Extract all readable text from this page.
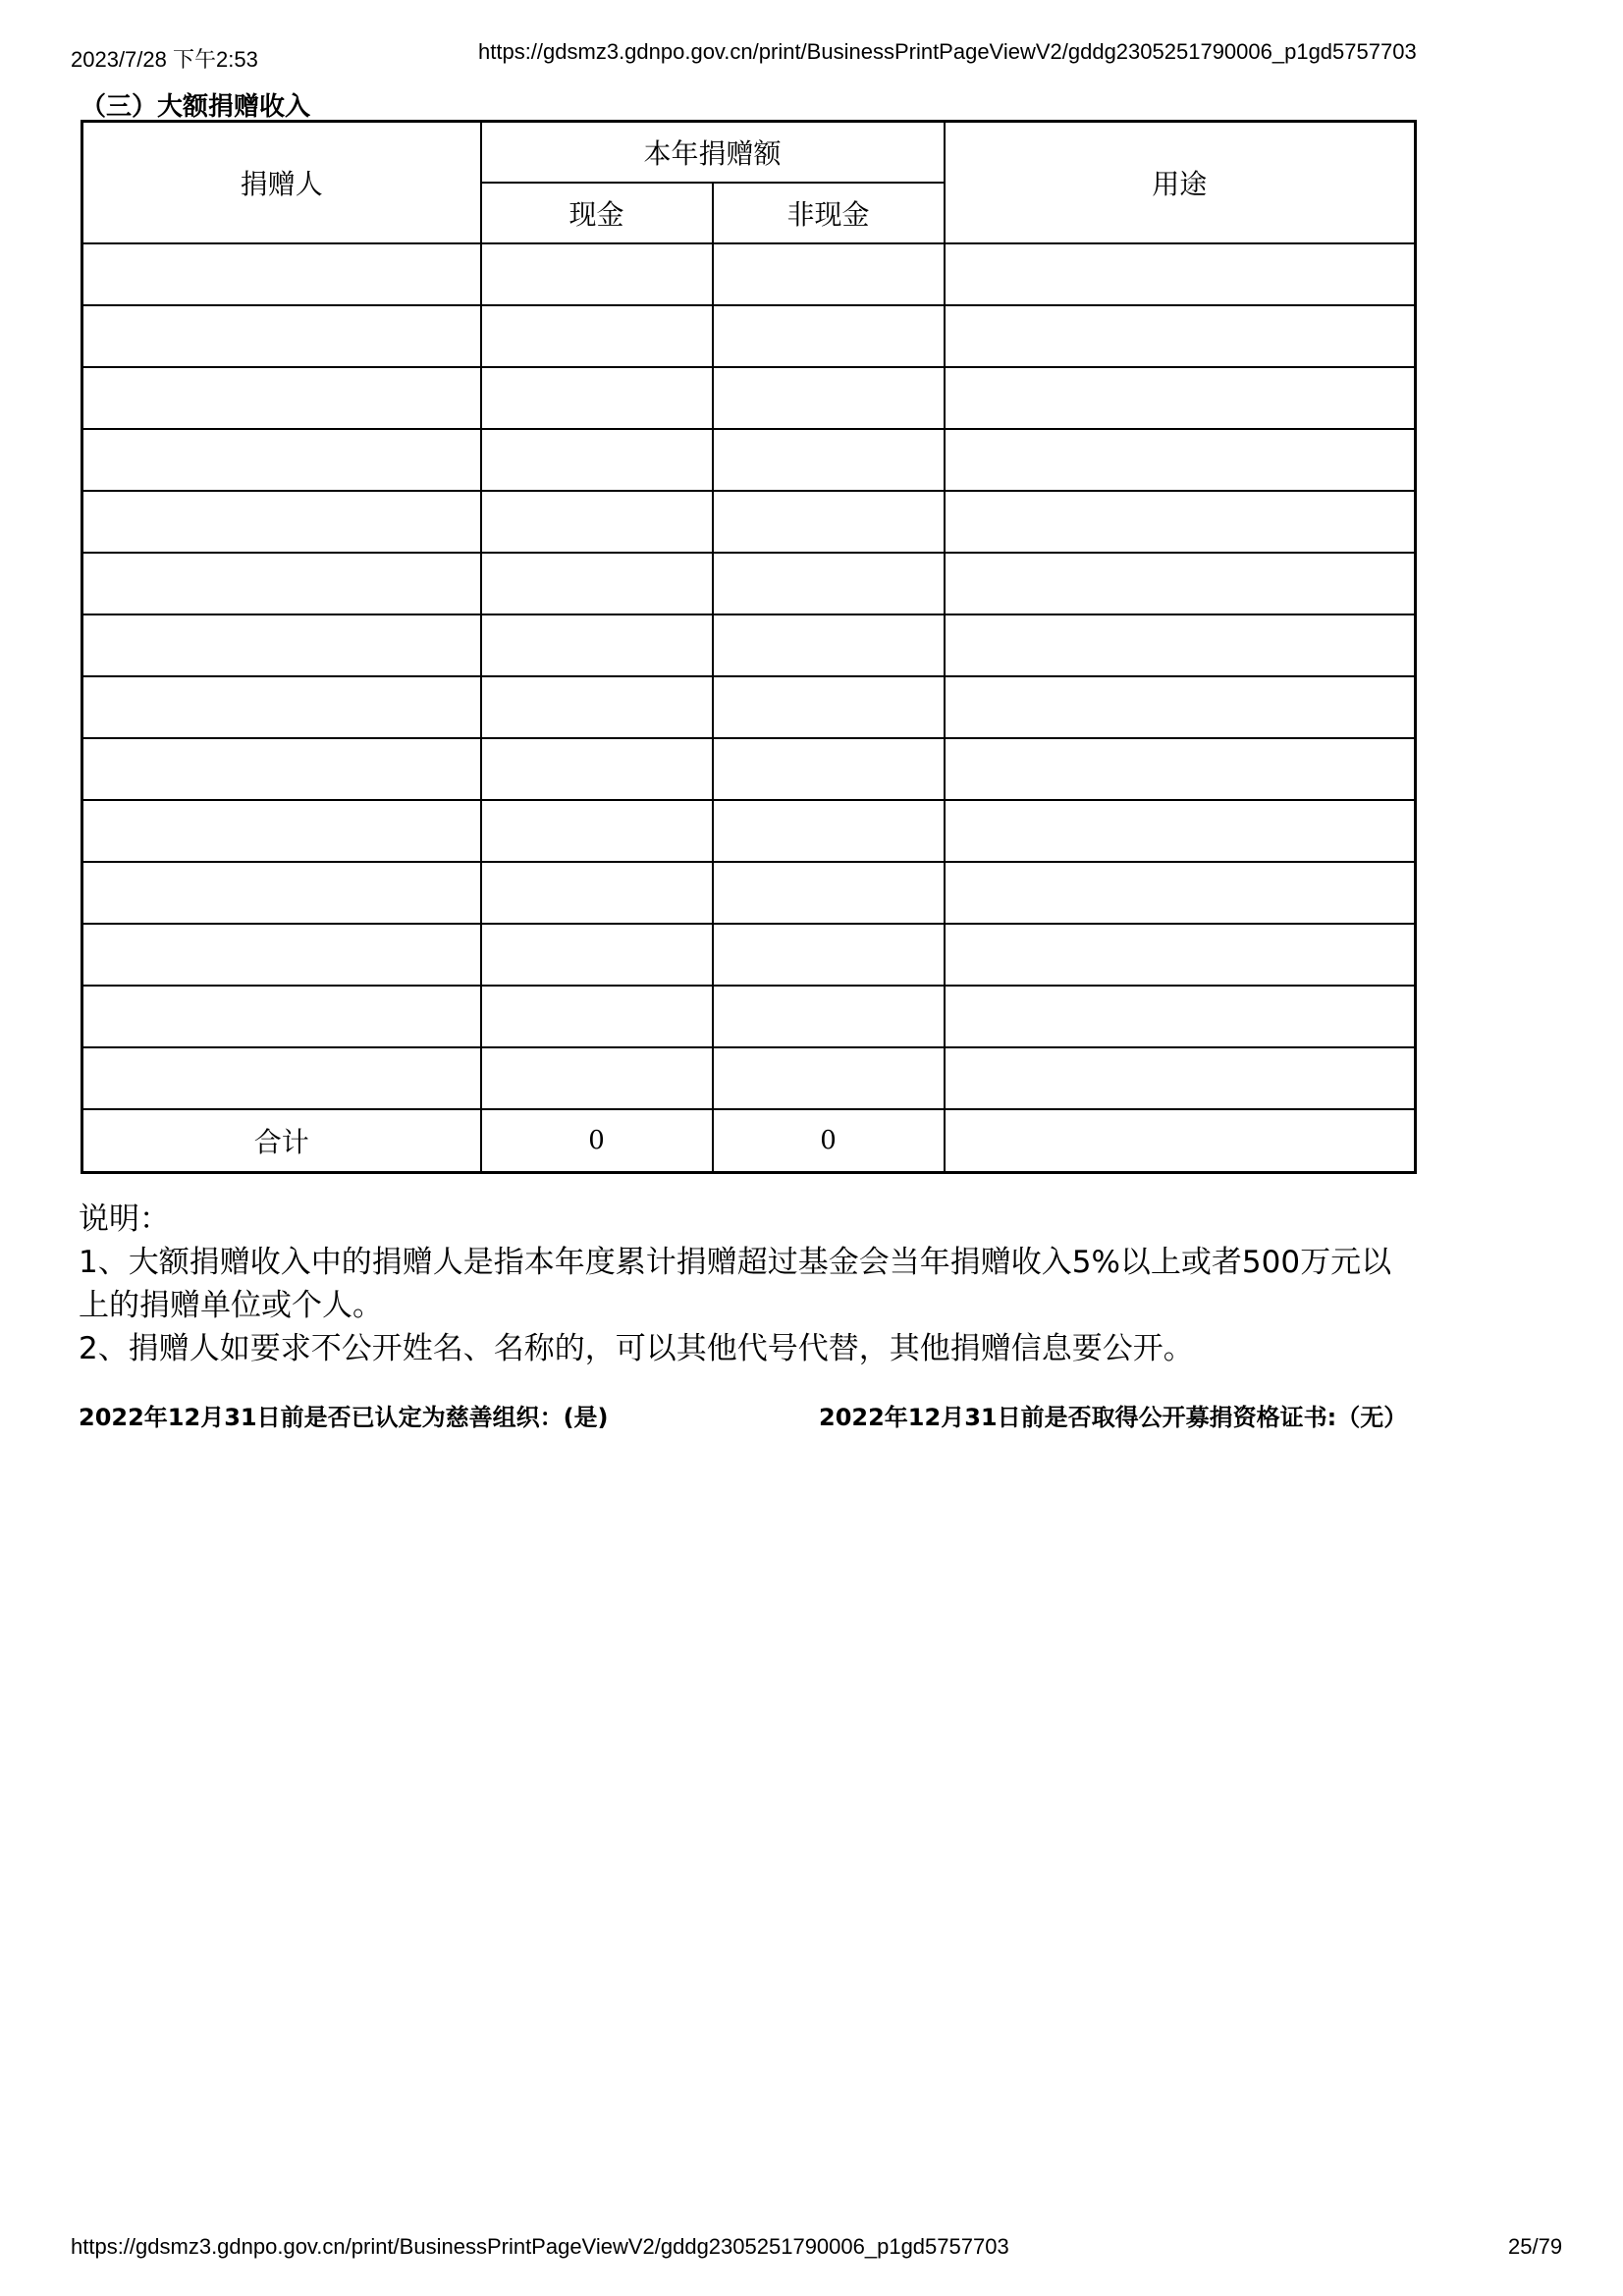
2023/7/28 下午2:53	https://gdsmz3.gdnpo.gov.cn/print/BusinessPrintPageViewV2/gddg2305251790006_p1gd5757703
（三）大额捐赠收入
捐赠人	本年捐赠额		用途
	现金	非现金	

合计	0	0	
说明：
1、大额捐赠收入中的捐赠人是指本年度累计捐赠超过基金会当年捐赠收入5%以上或者500万元以
上的捐赠单位或个人。
2、捐赠人如要求不公开姓名、名称的，可以其他代号代替，其他捐赠信息要公开。
2022年12月31日前是否已认定为慈善组织：(是)	2022年12月31日前是否取得公开募捐资格证书:（无）
https://gdsmz3.gdnpo.gov.cn/print/BusinessPrintPageViewV2/gddg2305251790006_p1gd5757703	25/79
